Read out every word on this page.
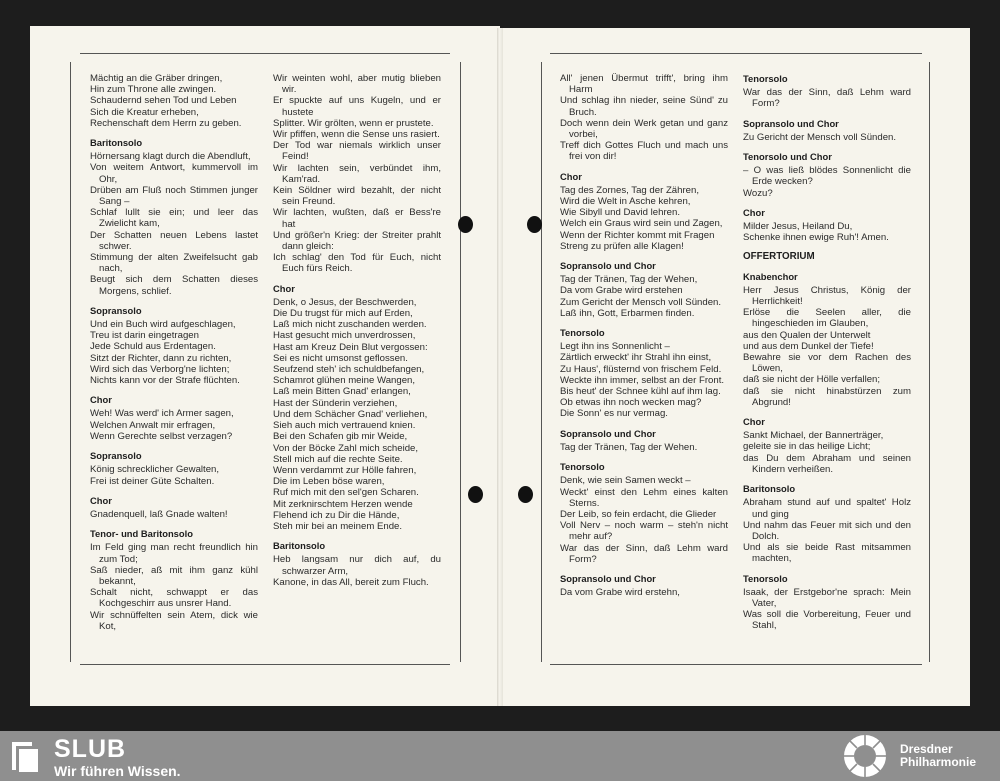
Mächtig an die Gräber dringen,
Hin zum Throne alle zwingen.
Schaudernd sehen Tod und Leben
Sich die Kreatur erheben,
Rechenschaft dem Herrn zu geben.
Baritonsolo
Hörnersang klagt durch die Abendluft,
Von weitem Antwort, kummervoll im Ohr,
Drüben am Fluß noch Stimmen junger Sang –
Schlaf lullt sie ein; und leer das Zwielicht kam,
Der Schatten neuen Lebens lastet schwer.
Stimmung der alten Zweifelsucht gab nach,
Beugt sich dem Schatten dieses Morgens, schlief.
Sopransolo
Und ein Buch wird aufgeschlagen,
Treu ist darin eingetragen
Jede Schuld aus Erdentagen.
Sitzt der Richter, dann zu richten,
Wird sich das Verborg'ne lichten;
Nichts kann vor der Strafe flüchten.
Chor
Weh! Was werd' ich Armer sagen,
Welchen Anwalt mir erfragen,
Wenn Gerechte selbst verzagen?
Sopransolo
König schrecklicher Gewalten,
Frei ist deiner Güte Schalten.
Chor
Gnadenquell, laß Gnade walten!
Tenor- und Baritonsolo
Im Feld ging man recht freundlich hin zum Tod;
Saß nieder, aß mit ihm ganz kühl bekannt,
Schalt nicht, schwappt er das Kochgeschirr aus unsrer Hand.
Wir schnüffelten sein Atem, dick wie Kot,
Wir weinten wohl, aber mutig blieben wir.
Er spuckte auf uns Kugeln, und er hustete
Splitter. Wir grölten, wenn er prustete.
Wir pfiffen, wenn die Sense uns rasiert.
Der Tod war niemals wirklich unser Feind!
Wir lachten sein, verbündet ihm, Kam'rad.
Kein Söldner wird bezahlt, der nicht sein Freund.
Wir lachten, wußten, daß er Bess're hat
Und größer'n Krieg: der Streiter prahlt dann gleich:
Ich schlag' den Tod für Euch, nicht Euch fürs Reich.
Chor
Denk, o Jesus, der Beschwerden,
Die Du trugst für mich auf Erden,
Laß mich nicht zuschanden werden.
Hast gesucht mich unverdrossen,
Hast am Kreuz Dein Blut vergossen:
Sei es nicht umsonst geflossen.
Seufzend steh' ich schuldbefangen,
Schamrot glühen meine Wangen,
Laß mein Bitten Gnad' erlangen,
Hast der Sünderin verziehen,
Und dem Schächer Gnad' verliehen,
Sieh auch mich vertrauend knien.
Bei den Schafen gib mir Weide,
Von der Böcke Zahl mich scheide,
Stell mich auf die rechte Seite.
Wenn verdammt zur Hölle fahren,
Die im Leben böse waren,
Ruf mich mit den sel'gen Scharen.
Mit zerknirschtem Herzen wende
Flehend ich zu Dir die Hände,
Steh mir bei an meinem Ende.
Baritonsolo
Heb langsam nur dich auf, du schwarzer Arm,
Kanone, in das All, bereit zum Fluch.
All' jenen Übermut trifft', bring ihm Harm
Und schlag ihn nieder, seine Sünd' zu Bruch.
Doch wenn dein Werk getan und ganz vorbei,
Treff dich Gottes Fluch und mach uns frei von dir!
Chor
Tag des Zornes, Tag der Zähren,
Wird die Welt in Asche kehren,
Wie Sibyll und David lehren.
Welch ein Graus wird sein und Zagen,
Wenn der Richter kommt mit Fragen
Streng zu prüfen alle Klagen!
Sopransolo und Chor
Tag der Tränen, Tag der Wehen,
Da vom Grabe wird erstehen
Zum Gericht der Mensch voll Sünden.
Laß ihn, Gott, Erbarmen finden.
Tenorsolo
Legt ihn ins Sonnenlicht –
Zärtlich erweckt' ihr Strahl ihn einst,
Zu Haus', flüsternd von frischem Feld.
Weckte ihn immer, selbst an der Front.
Bis heut' der Schnee kühl auf ihm lag.
Ob etwas ihn noch wecken mag?
Die Sonn' es nur vermag.
Sopransolo und Chor
Tag der Tränen, Tag der Wehen.
Tenorsolo
Denk, wie sein Samen weckt –
Weckt' einst den Lehm eines kalten Sterns.
Der Leib, so fein erdacht, die Glieder
Voll Nerv – noch warm – steh'n nicht mehr auf?
War das der Sinn, daß Lehm ward Form?
Sopransolo und Chor
Da vom Grabe wird erstehn,
Tenorsolo
War das der Sinn, daß Lehm ward Form?
Sopransolo und Chor
Zu Gericht der Mensch voll Sünden.
Tenorsolo und Chor
– O was ließ blödes Sonnenlicht die Erde wecken?
Wozu?
Chor
Milder Jesus, Heiland Du,
Schenke ihnen ewige Ruh'! Amen.
OFFERTORIUM
Knabenchor
Herr Jesus Christus, König der Herrlichkeit!
Erlöse die Seelen aller, die hingeschieden im Glauben,
aus den Qualen der Unterwelt
und aus dem Dunkel der Tiefe!
Bewahre sie vor dem Rachen des Löwen,
daß sie nicht der Hölle verfallen;
daß sie nicht hinabstürzen zum Abgrund!
Chor
Sankt Michael, der Bannerträger,
geleite sie in das heilige Licht;
das Du dem Abraham und seinen Kindern verheißen.
Baritonsolo
Abraham stund auf und spaltet' Holz und ging
Und nahm das Feuer mit sich und den Dolch.
Und als sie beide Rast mitsammen machten,
Tenorsolo
Isaak, der Erstgebor'ne sprach: Mein Vater,
Was soll die Vorbereitung, Feuer und Stahl,
SLUB
Wir führen Wissen.
Dresdner
Philharmonie
